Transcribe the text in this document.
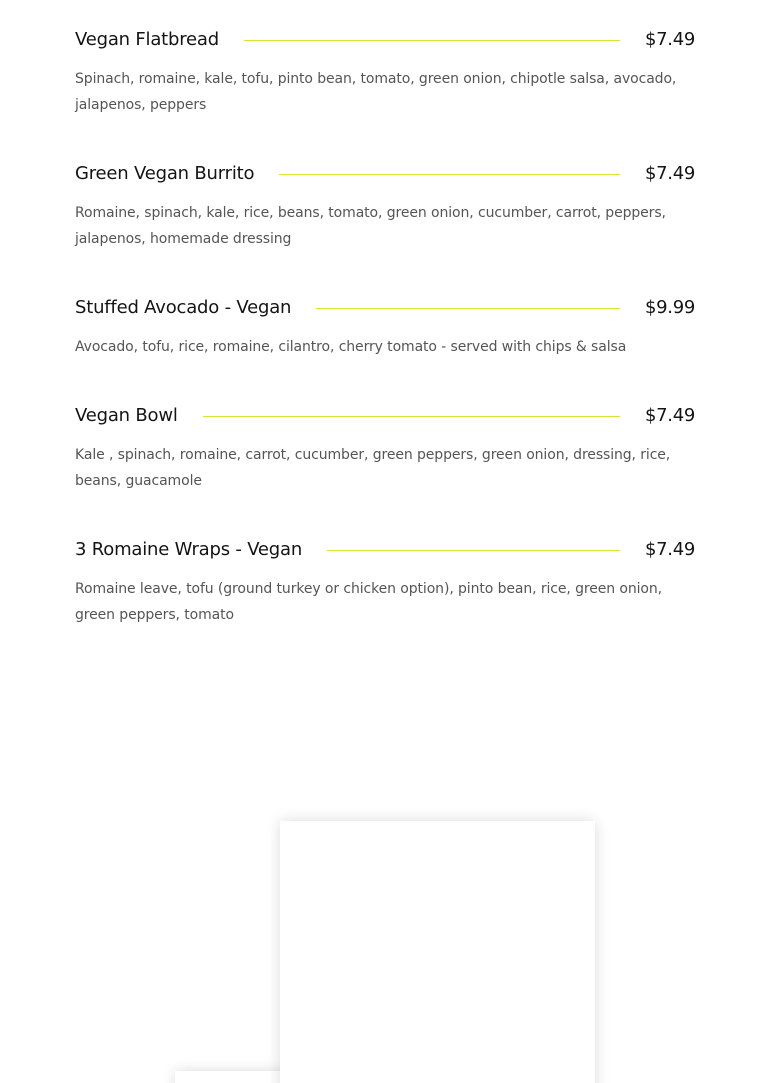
Vegan Flatbread	$7.49
Spinach, romaine, kale, tofu, pinto bean, tomato, green onion, chipotle salsa, avocado, jalapenos, peppers
Green Vegan Burrito	$7.49
Romaine, spinach, kale, rice, beans, tomato, green onion, cucumber, carrot, peppers, jalapenos, homemade dressing
Stuffed Avocado - Vegan	$9.99
Avocado, tofu, rice, romaine, cilantro, cherry tomato - served with chips & salsa
Vegan Bowl	$7.49
Kale , spinach, romaine, carrot, cucumber, green peppers, green onion, dressing, rice, beans, guacamole
3 Romaine Wraps - Vegan	$7.49
Romaine leave, tofu (ground turkey or chicken option), pinto bean, rice, green onion, green peppers, tomato
